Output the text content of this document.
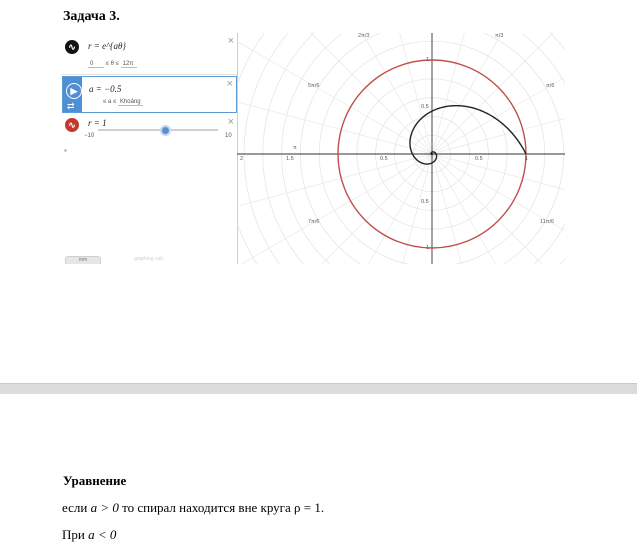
Задача 3.
∿	r = e^{aθ}
0 ≤ θ ≤ 12π
×
▶
⇄
a = −0.5
≤ a ≤ Khoảng
×
∿	r = 1
−10	10
×
▪
mm	graphing calc
2π/3	π/3
5π/6	π/6
π
7π/6	11π/6
2	1.5	0.5	0.5	1
1
0.5
0.5
1
Уравнение
если a > 0 то спирал находится вне круга ρ = 1.
При a < 0
